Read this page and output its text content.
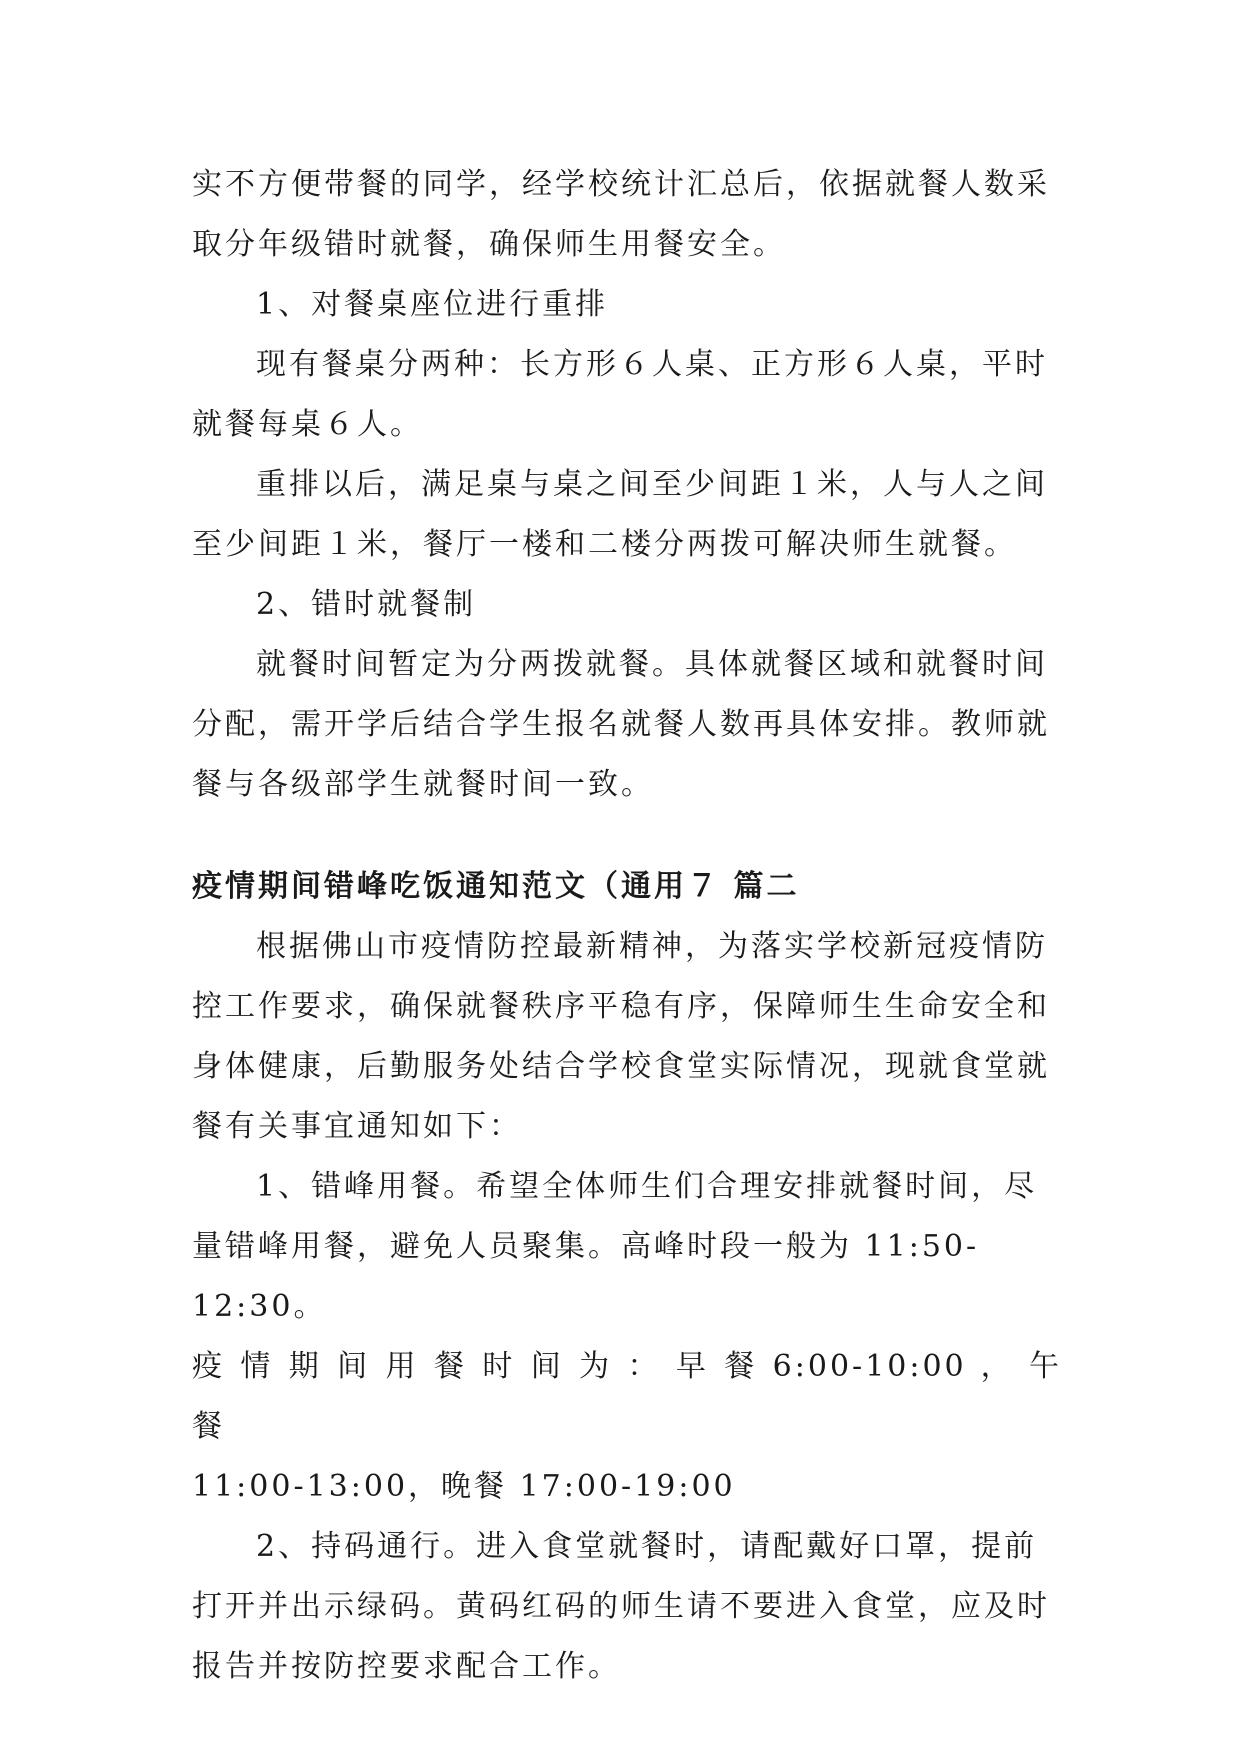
实不方便带餐的同学，经学校统计汇总后，依据就餐人数采取分年级错时就餐，确保师生用餐安全。

1、对餐桌座位进行重排

现有餐桌分两种：长方形６人桌、正方形６人桌，平时就餐每桌６人。

重排以后，满足桌与桌之间至少间距１米，人与人之间至少间距１米，餐厅一楼和二楼分两拨可解决师生就餐。

2、错时就餐制

就餐时间暂定为分两拨就餐。具体就餐区域和就餐时间分配，需开学后结合学生报名就餐人数再具体安排。教师就餐与各级部学生就餐时间一致。

疫情期间错峰吃饭通知范文（通用７ 篇二

根据佛山市疫情防控最新精神，为落实学校新冠疫情防控工作要求，确保就餐秩序平稳有序，保障师生生命安全和身体健康，后勤服务处结合学校食堂实际情况，现就食堂就餐有关事宜通知如下：

1、错峰用餐。希望全体师生们合理安排就餐时间，尽量错峰用餐，避免人员聚集。高峰时段一般为 11:50-12:30。

疫 情 期 间 用 餐 时 间 为 ： 早 餐 6:00-10:00 ， 午 餐

11:00-13:00，晚餐 17:00-19:00

2、持码通行。进入食堂就餐时，请配戴好口罩，提前打开并出示绿码。黄码红码的师生请不要进入食堂，应及时报告并按防控要求配合工作。
